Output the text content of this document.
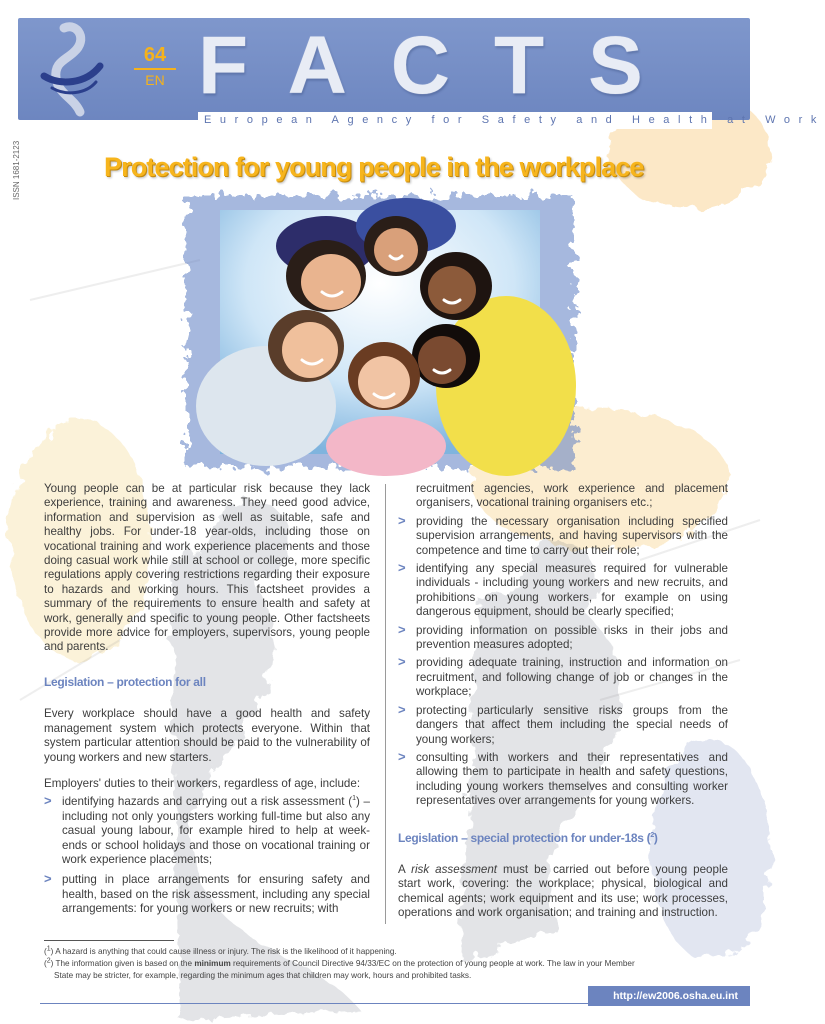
64
EN FACTS
European Agency for Safety and Health at Work
ISSN 1681-2123	Protection for young people in the workplace

Young people can be at particular risk because they lack experience, training and awareness. They need good advice, information and supervision as well as suitable, safe and healthy jobs. For under-18 year-olds, including those on vocational training and work experience placements and those doing casual work while still at school or college, more specific regulations apply covering restrictions regarding their exposure to hazards and working hours. This factsheet provides a summary of the requirements to ensure health and safety at work, generally and specific to young people. Other factsheets provide more advice for employers, supervisors, young people and parents.

Legislation – protection for all

Every workplace should have a good health and safety management system which protects everyone. Within that system particular attention should be paid to the vulnerability of young workers and new starters.

Employers' duties to their workers, regardless of age, include:

> identifying hazards and carrying out a risk assessment ($^1$) – including not only youngsters working full-time but also any casual young labour, for example hired to help at week-ends or school holidays and those on vocational training or work experience placements;
> putting in place arrangements for ensuring safety and health, based on the risk assessment, including any special arrangements: for young workers or new recruits; with

recruitment agencies, work experience and placement organisers, vocational training organisers etc.;

> providing the necessary organisation including specified supervision arrangements, and having supervisors with the competence and time to carry out their role;
> identifying any special measures required for vulnerable individuals - including young workers and new recruits, and prohibitions on young workers, for example on using dangerous equipment, should be clearly specified;
> providing information on possible risks in their jobs and prevention measures adopted;
> providing adequate training, instruction and information on recruitment, and following change of job or changes in the workplace;
> protecting particularly sensitive risks groups from the dangers that affect them including the special needs of young workers;
> consulting with workers and their representatives and allowing them to participate in health and safety questions, including young workers themselves and consulting worker representatives over arrangements for young workers.
Legislation – special protection for under-18s ($^2$)

A risk assessment must be carried out before young people start work, covering: the workplace; physical, biological and chemical agents; work equipment and its use; work processes, operations and work organisation; and training and instruction.

($^1$) A hazard is anything that could cause illness or injury. The risk is the likelihood of it happening.
($^2$) The information given is based on the minimum requirements of Council Directive 94/33/EC on the protection of young people at work. The law in your Member
State may be stricter, for example, regarding the minimum ages that children may work, hours and prohibited tasks.
http://ew2006.osha.eu.int
